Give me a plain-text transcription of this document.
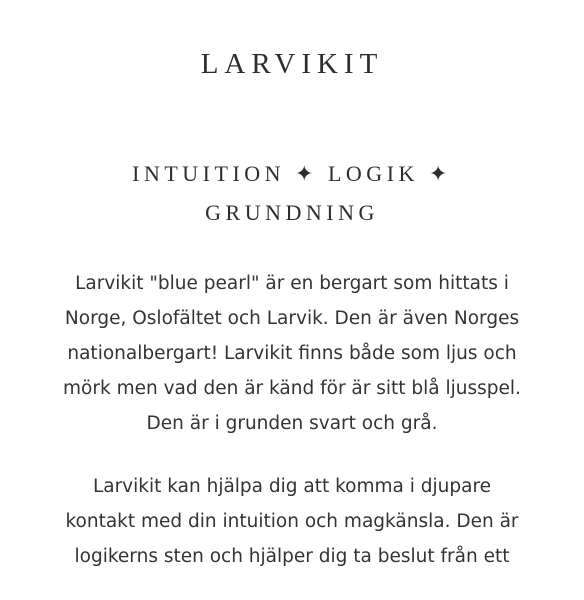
LARVIKIT
INTUITION ✦ LOGIK ✦
GRUNDNING
Larvikit "blue pearl" är en bergart som hittats i
Norge, Oslofältet och Larvik. Den är även Norges
nationalbergart! Larvikit finns både som ljus och
mörk men vad den är känd för är sitt blå ljusspel.
Den är i grunden svart och grå.
Larvikit kan hjälpa dig att komma i djupare
kontakt med din intuition och magkänsla. Den är
logikerns sten och hjälper dig ta beslut från ett
